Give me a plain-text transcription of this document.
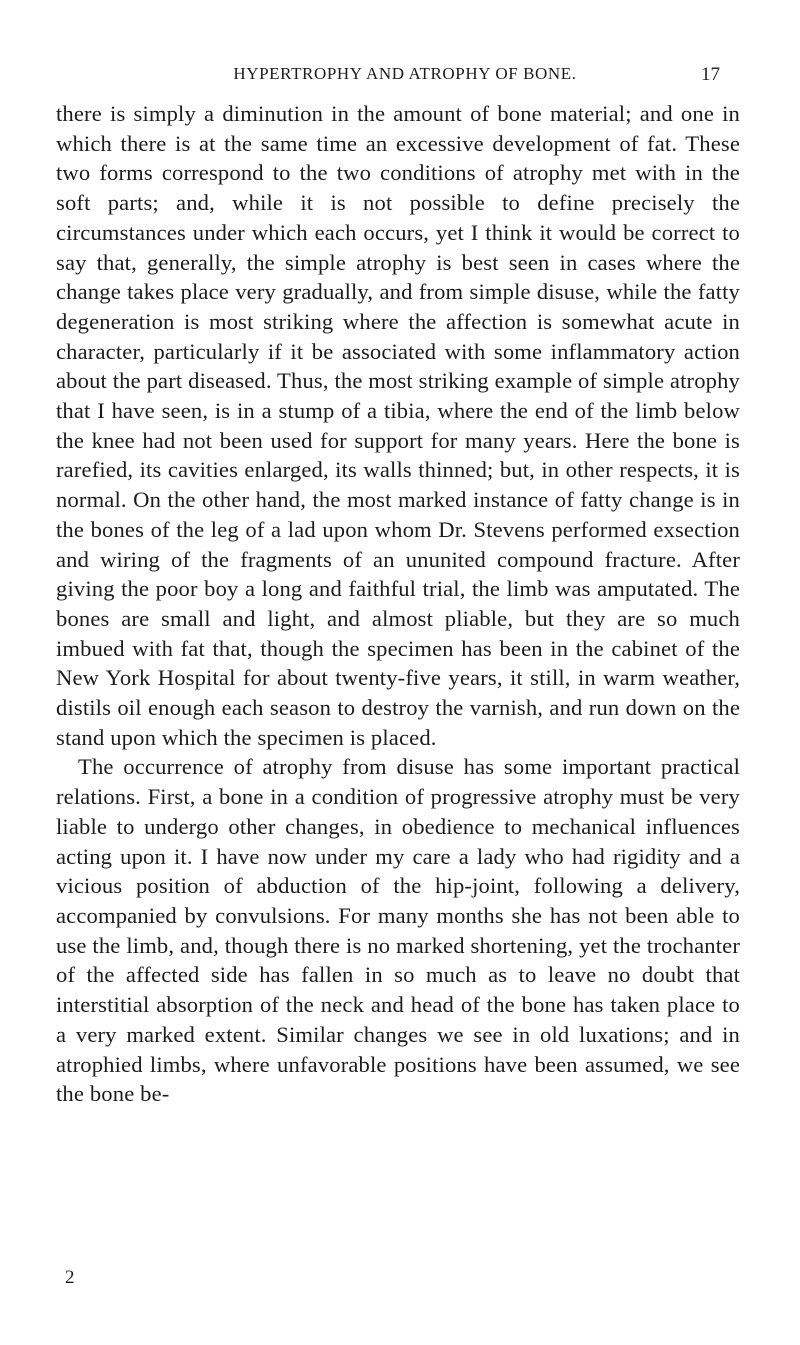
HYPERTROPHY AND ATROPHY OF BONE.	17

there is simply a diminution in the amount of bone material; and one in which there is at the same time an excessive development of fat. These two forms correspond to the two conditions of atrophy met with in the soft parts; and, while it is not possible to define precisely the circumstances under which each occurs, yet I think it would be correct to say that, generally, the simple atrophy is best seen in cases where the change takes place very gradually, and from simple disuse, while the fatty degeneration is most striking where the affection is somewhat acute in character, particularly if it be associated with some inflammatory action about the part diseased. Thus, the most striking example of simple atrophy that I have seen, is in a stump of a tibia, where the end of the limb below the knee had not been used for support for many years. Here the bone is rarefied, its cavities enlarged, its walls thinned; but, in other respects, it is normal. On the other hand, the most marked instance of fatty change is in the bones of the leg of a lad upon whom Dr. Stevens performed exsection and wiring of the fragments of an ununited compound fracture. After giving the poor boy a long and faithful trial, the limb was amputated. The bones are small and light, and almost pliable, but they are so much imbued with fat that, though the specimen has been in the cabinet of the New York Hospital for about twenty-five years, it still, in warm weather, distils oil enough each season to destroy the varnish, and run down on the stand upon which the specimen is placed.

The occurrence of atrophy from disuse has some important practical relations. First, a bone in a condition of progressive atrophy must be very liable to undergo other changes, in obedience to mechanical influences acting upon it. I have now under my care a lady who had rigidity and a vicious position of abduction of the hip-joint, following a delivery, accompanied by convulsions. For many months she has not been able to use the limb, and, though there is no marked shortening, yet the trochanter of the affected side has fallen in so much as to leave no doubt that interstitial absorption of the neck and head of the bone has taken place to a very marked extent. Similar changes we see in old luxations; and in atrophied limbs, where unfavorable positions have been assumed, we see the bone be-

2
